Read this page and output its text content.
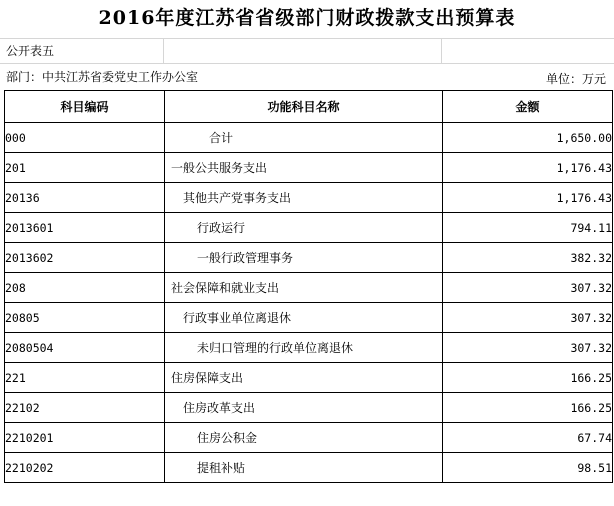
2016年度江苏省省级部门财政拨款支出预算表
公开表五
部门：中共江苏省委党史工作办公室	单位：万元
科目编码	功能科目名称	金额
000	合计	1,650.00
201	一般公共服务支出	1,176.43
20136	其他共产党事务支出	1,176.43
2013601	行政运行	794.11
2013602	一般行政管理事务	382.32
208	社会保障和就业支出	307.32
20805	行政事业单位离退休	307.32
2080504	未归口管理的行政单位离退休	307.32
221	住房保障支出	166.25
22102	住房改革支出	166.25
2210201	住房公积金	67.74
2210202	提租补贴	98.51
